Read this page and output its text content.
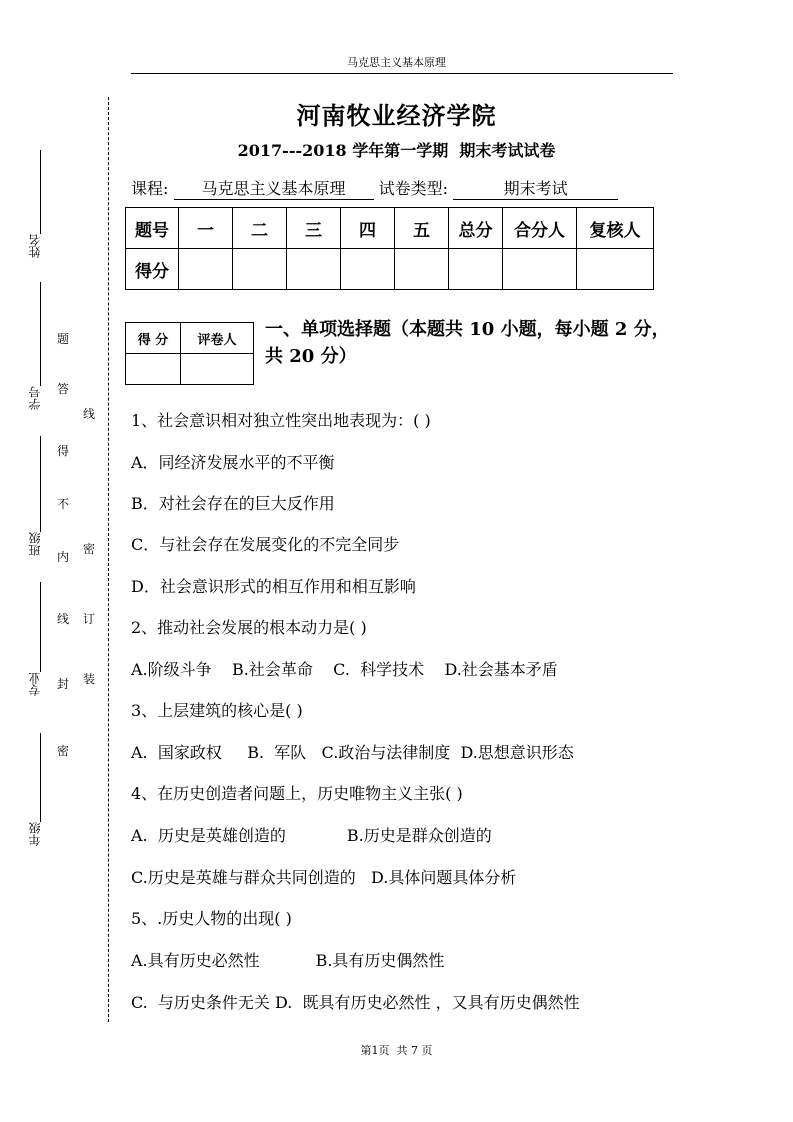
马克思主义基本原理
河南牧业经济学院
2017---2018 学年第一学期  期末考试试卷
课程: 马克思主义基本原理 试卷类型:	期末考试
题号	一	二	三	四	五	总分	合分人	复核人
得分								
得 分	评卷人
	一、单项选择题（本题共 10 小题，每小题 2 分，共 20 分）
1、社会意识相对独立性突出地表现为：( )
A．同经济发展水平的不平衡
B．对社会存在的巨大反作用
C．与社会存在发展变化的不完全同步
D．社会意识形式的相互作用和相互影响
2、推动社会发展的根本动力是( )
A.阶级斗争    B.社会革命    C.  科学技术    D.社会基本矛盾
3、上层建筑的核心是( )
A.  国家政权     B.  军队   C.政治与法律制度  D.思想意识形态
4、在历史创造者问题上，历史唯物主义主张( )
A.  历史是英雄创造的            B.历史是群众创造的
C.历史是英雄与群众共同创造的   D.具体问题具体分析
5、.历史人物的出现( )
A.具有历史必然性           B.具有历史偶然性
C.  与历史条件无关 D.  既具有历史必然性 ，又具有历史偶然性
姓名
学号
班级
专业
年级
题
答
得
不
内
线
封
密
订
装
密
线
第1页  共 7 页
